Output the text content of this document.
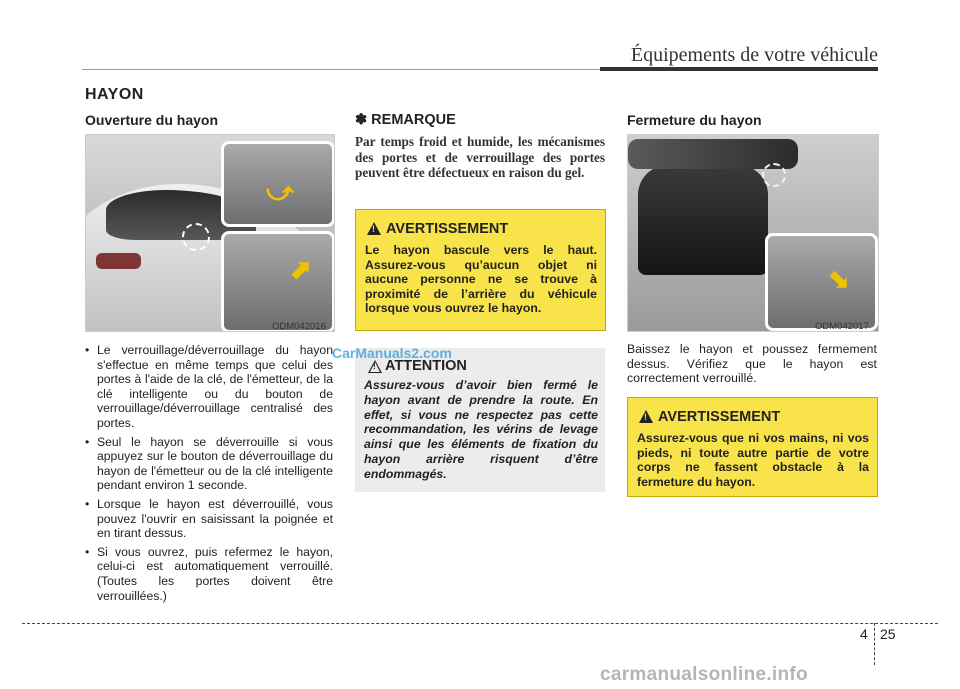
Équipements de votre véhicule
HAYON
Ouverture du hayon
⤻
⬈
ODM042016
• Le verrouillage/déverrouillage du hayon s'effectue en même temps que celui des portes à l'aide de la clé, de l'émetteur, de la clé intelligente ou du bouton de verrouillage/déverrouillage centralisé des portes.
• Seul le hayon se déverrouille si vous appuyez sur le bouton de déverrouillage du hayon de l'émetteur ou de la clé intelligente pendant environ 1 seconde.
• Lorsque le hayon est déverrouillé, vous pouvez l'ouvrir en saisissant la poignée et en tirant dessus.
• Si vous ouvrez, puis refermez le hayon, celui-ci est automatiquement verrouillé. (Toutes les portes doivent être verrouillées.)
✽ REMARQUE
Par temps froid et humide, les mécanismes des portes et de verrouillage des portes peuvent être défectueux en raison du gel.
!
AVERTISSEMENT
Le hayon bascule vers le haut. Assurez-vous qu’aucun objet ni aucune personne ne se trouve à proximité de l’arrière du véhicule lorsque vous ouvrez le hayon.
!
ATTENTION
Assurez-vous d’avoir bien fermé le hayon avant de prendre la route. En effet, si vous ne respectez pas cette recommandation, les vérins de levage ainsi que les éléments de fixation du hayon arrière risquent d’être endommagés.
Fermeture du hayon
⬊
ODM042017
Baissez le hayon et poussez fermement dessus. Vérifiez que le hayon est correctement verrouillé.
!
AVERTISSEMENT
Assurez-vous que ni vos mains, ni vos pieds, ni toute autre partie de votre corps ne fassent obstacle à la fermeture du hayon.
CarManuals2.com
carmanualsonline.info
4 25
